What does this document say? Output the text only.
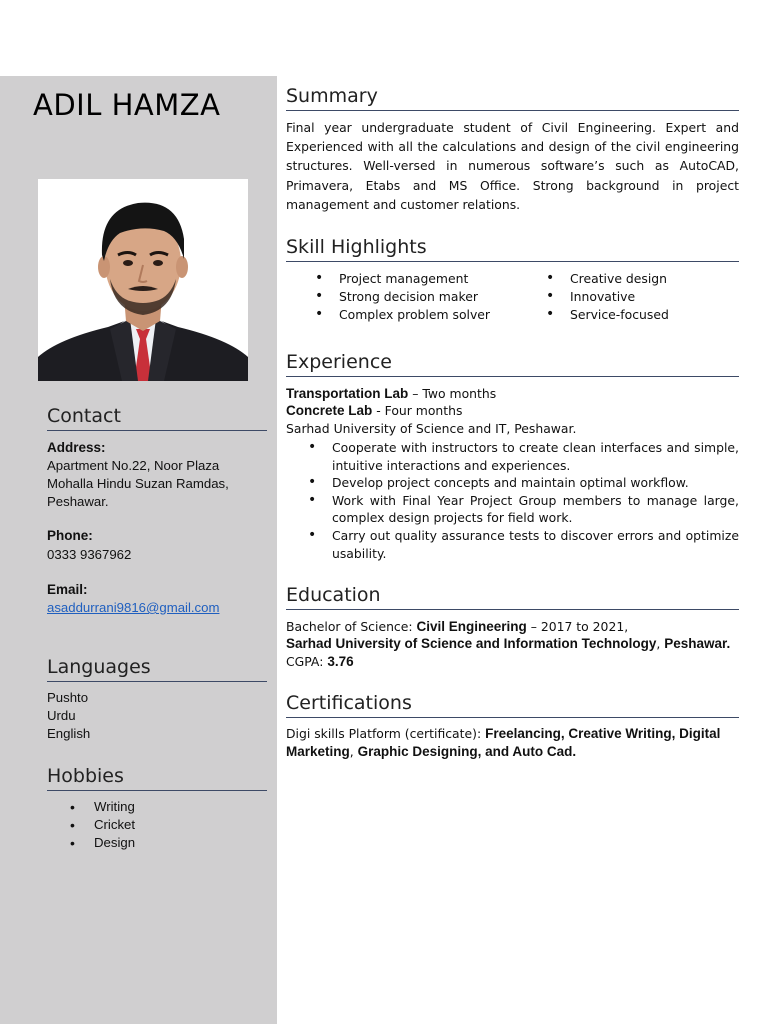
ADIL HAMZA
Contact
Address:
Apartment No.22, Noor Plaza
Mohalla Hindu Suzan Ramdas,
Peshawar.
Phone:
0333 9367962
Email:
asaddurrani9816@gmail.com
Languages
Pushto
Urdu
English
Hobbies
• Writing
• Cricket
• Design
Summary
Final year undergraduate student of Civil Engineering. Expert and Experienced with all the calculations and design of the civil engineering structures. Well-versed in numerous software’s such as AutoCAD, Primavera, Etabs and MS Office. Strong background in project management and customer relations.
Skill Highlights
• Project management
• Strong decision maker
• Complex problem solver
• Creative design
• Innovative
• Service-focused
Experience
Transportation Lab – Two months
Concrete Lab - Four months
Sarhad University of Science and IT, Peshawar.
• Cooperate with instructors to create clean interfaces and simple, intuitive interactions and experiences.
• Develop project concepts and maintain optimal workflow.
• Work with Final Year Project Group members to manage large, complex design projects for field work.
• Carry out quality assurance tests to discover errors and optimize usability.
Education
Bachelor of Science: Civil Engineering – 2017 to 2021,
Sarhad University of Science and Information Technology, Peshawar.
CGPA: 3.76
Certifications
Digi skills Platform (certificate): Freelancing, Creative Writing, Digital Marketing, Graphic Designing, and Auto Cad.
